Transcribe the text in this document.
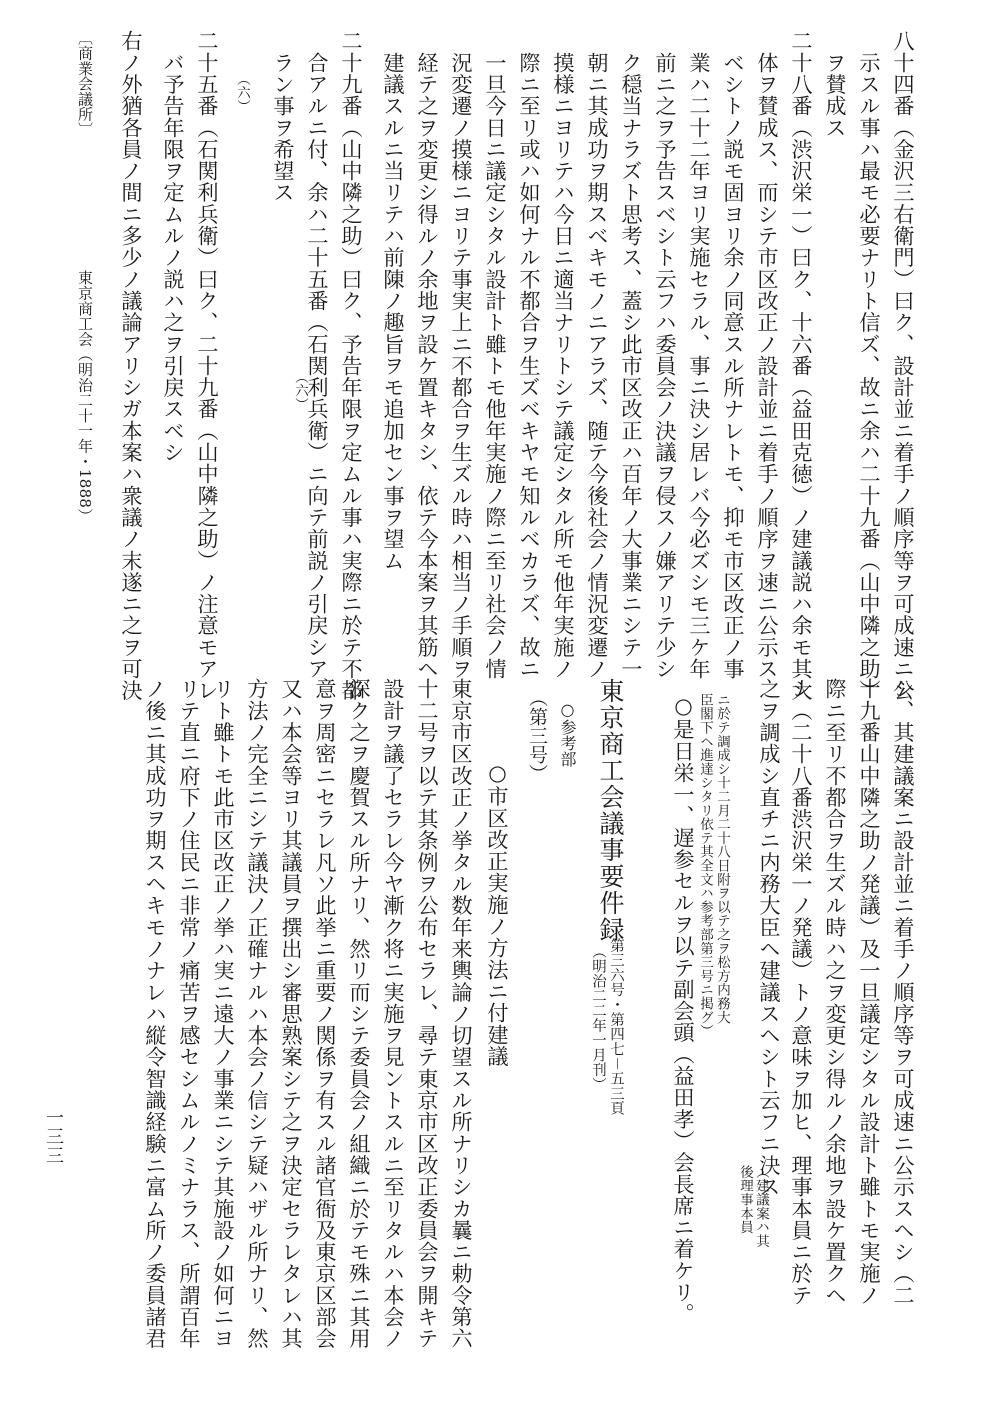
八十四番（金沢三右衛門）曰ク、設計並ニ着手ノ順序等ヲ可成速ニ公

　示スル事ハ最モ必要ナリト信ズ、故ニ余ハ二十九番（山中隣之助）

　ヲ賛成ス

二十八番（渋沢栄一）曰ク、十六番（益田克徳）ノ建議説ハ余モ其大

　体ヲ賛成ス、而シテ市区改正ノ設計並ニ着手ノ順序ヲ速ニ公示ス

　ベシトノ説モ固ヨリ余ノ同意スル所ナレトモ、抑モ市区改正ノ事

　業ハ二十二年ヨリ実施セラル、事ニ決シ居レバ今必ズシモ三ケ年

　前ニ之ヲ予告スベシト云フハ委員会ノ決議ヲ侵スノ嫌アリテ少シ

　ク穏当ナラズト思考ス、蓋シ此市区改正ハ百年ノ大事業ニシテ一

　朝ニ其成功ヲ期スベキモノニアラズ、随テ今後社会ノ情況変遷ノ

　摸様ニヨリテハ今日ニ適当ナリトシテ議定シタル所モ他年実施ノ

　際ニ至リ或ハ如何ナル不都合ヲ生ズベキヤモ知ルベカラズ、故ニ

　一旦今日ニ議定シタル設計ト雖トモ他年実施ノ際ニ至リ社会ノ情

　況変遷ノ摸様ニヨリテ事実上ニ不都合ヲ生ズル時ハ相当ノ手順ヲ

　経テ之ヲ変更シ得ルノ余地ヲ設ケ置キタシ、依テ今本案ヲ其筋ヘ

　建議スルニ当リテハ前陳ノ趣旨ヲモ追加セン事ヲ望ム

二十九番（山中隣之助）曰ク、予告年限ヲ定ムル事ハ実際ニ於テ不都

　合アルニ付、余ハ二十五番（石関利兵衛）ニ向テ前説ノ引戻シア

（六）

　ラン事ヲ希望ス

（六）

二十五番（石関利兵衛）曰ク、二十九番（山中隣之助）ノ注意モアレ

　バ予告年限ヲ定ムルノ説ハ之ヲ引戻スベシ

右ノ外猶各員ノ間ニ多少ノ議論アリシガ本案ハ衆議ノ末遂ニ之ヲ可決

〔商業会議所〕
東京商工会（明治二十一年・1888）

シ、其建議案ニ設計並ニ着手ノ順序等ヲ可成速ニ公示スヘシ（二

十九番山中隣之助ノ発議）及一旦議定シタル設計ト雖トモ実施ノ

際ニ至リ不都合ヲ生ズル時ハ之ヲ変更シ得ルノ余地ヲ設ケ置クヘ

シ（二十八番渋沢栄一ノ発議）トノ意味ヲ加ヒ、理事本員ニ於テ

之ヲ調成シ直チニ内務大臣ヘ建議スヘシト云フニ決ス

（建議案ハ其
後理事本員
ニ於テ調成シ十二月二十八日附ヲ以テ之ヲ松方内務大
臣閣下ヘ進達シタリ依テ其全文ハ参考部第三号ニ掲グ）

○是日栄一、遅参セルヲ以テ副会頭（益田孝）会長席ニ着ケリ。

東京商工会議事要件録
第三六号・第四七－五三頁
（明治二二年一月刊）
○参考部
（第三号）
○市区改正実施ノ方法ニ付建議

東京市区改正ノ挙タル数年来輿論ノ切望スル所ナリシカ曩ニ勅令第六

十二号ヲ以テ其条例ヲ公布セラレ、尋テ東京市区改正委員会ヲ開キテ

設計ヲ議了セラレ今ヤ漸ク将ニ実施ヲ見ントスルニ至リタルハ本会ノ

深ク之ヲ慶賀スル所ナリ、然リ而シテ委員会ノ組織ニ於テモ殊ニ其用

意ヲ周密ニセラレ凡ソ此挙ニ重要ノ関係ヲ有スル諸官衙及東京区部会

又ハ本会等ヨリ其議員ヲ撰出シ審思熟案シテ之ヲ決定セラレタレハ其

方法ノ完全ニシテ議決ノ正確ナルハ本会ノ信シテ疑ハザル所ナリ、然

リト雖トモ此市区改正ノ挙ハ実ニ遠大ノ事業ニシテ其施設ノ如何ニヨ

リテ直ニ府下ノ住民ニ非常ノ痛苦ヲ感セシムルノミナラス、所謂百年

ノ後ニ其成功ヲ期スヘキモノナレハ縦令智識経験ニ富ム所ノ委員諸君

一三三
